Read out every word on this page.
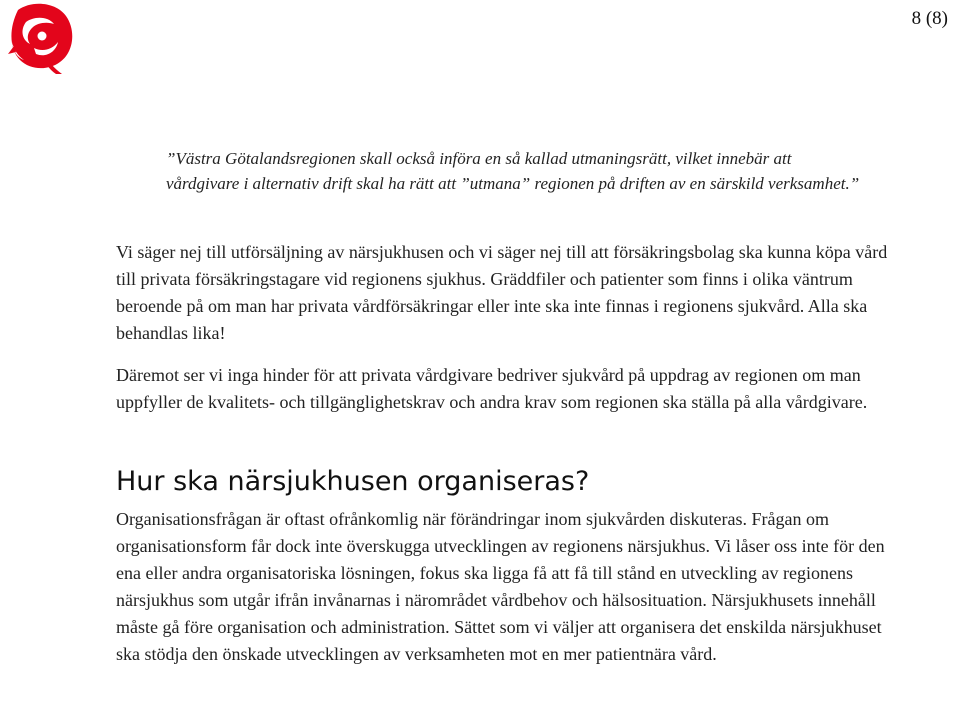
8 (8)
”Västra Götalandsregionen skall också införa en så kallad utmaningsrätt, vilket innebär att vårdgivare i alternativ drift skal ha rätt att ”utmana” regionen på driften av en särskild verksamhet.”
Vi säger nej till utförsäljning av närsjukhusen och vi säger nej till att försäkringsbolag ska kunna köpa vård till privata försäkringstagare vid regionens sjukhus. Gräddfiler och patienter som finns i olika väntrum beroende på om man har privata vårdförsäkringar eller inte ska inte finnas i regionens sjukvård. Alla ska behandlas lika!
Däremot ser vi inga hinder för att privata vårdgivare bedriver sjukvård på uppdrag av regionen om man uppfyller de kvalitets- och tillgänglighetskrav och andra krav som regionen ska ställa på alla vårdgivare.
Hur ska närsjukhusen organiseras?
Organisationsfrågan är oftast ofrånkomlig när förändringar inom sjukvården diskuteras. Frågan om organisationsform får dock inte överskugga utvecklingen av regionens närsjukhus. Vi låser oss inte för den ena eller andra organisatoriska lösningen, fokus ska ligga få att få till stånd en utveckling av regionens närsjukhus som utgår ifrån invånarnas i närområdet vårdbehov och hälsosituation. Närsjukhusets innehåll måste gå före organisation och administration. Sättet som vi väljer att organisera det enskilda närsjukhuset ska stödja den önskade utvecklingen av verksamheten mot en mer patientnära vård.
